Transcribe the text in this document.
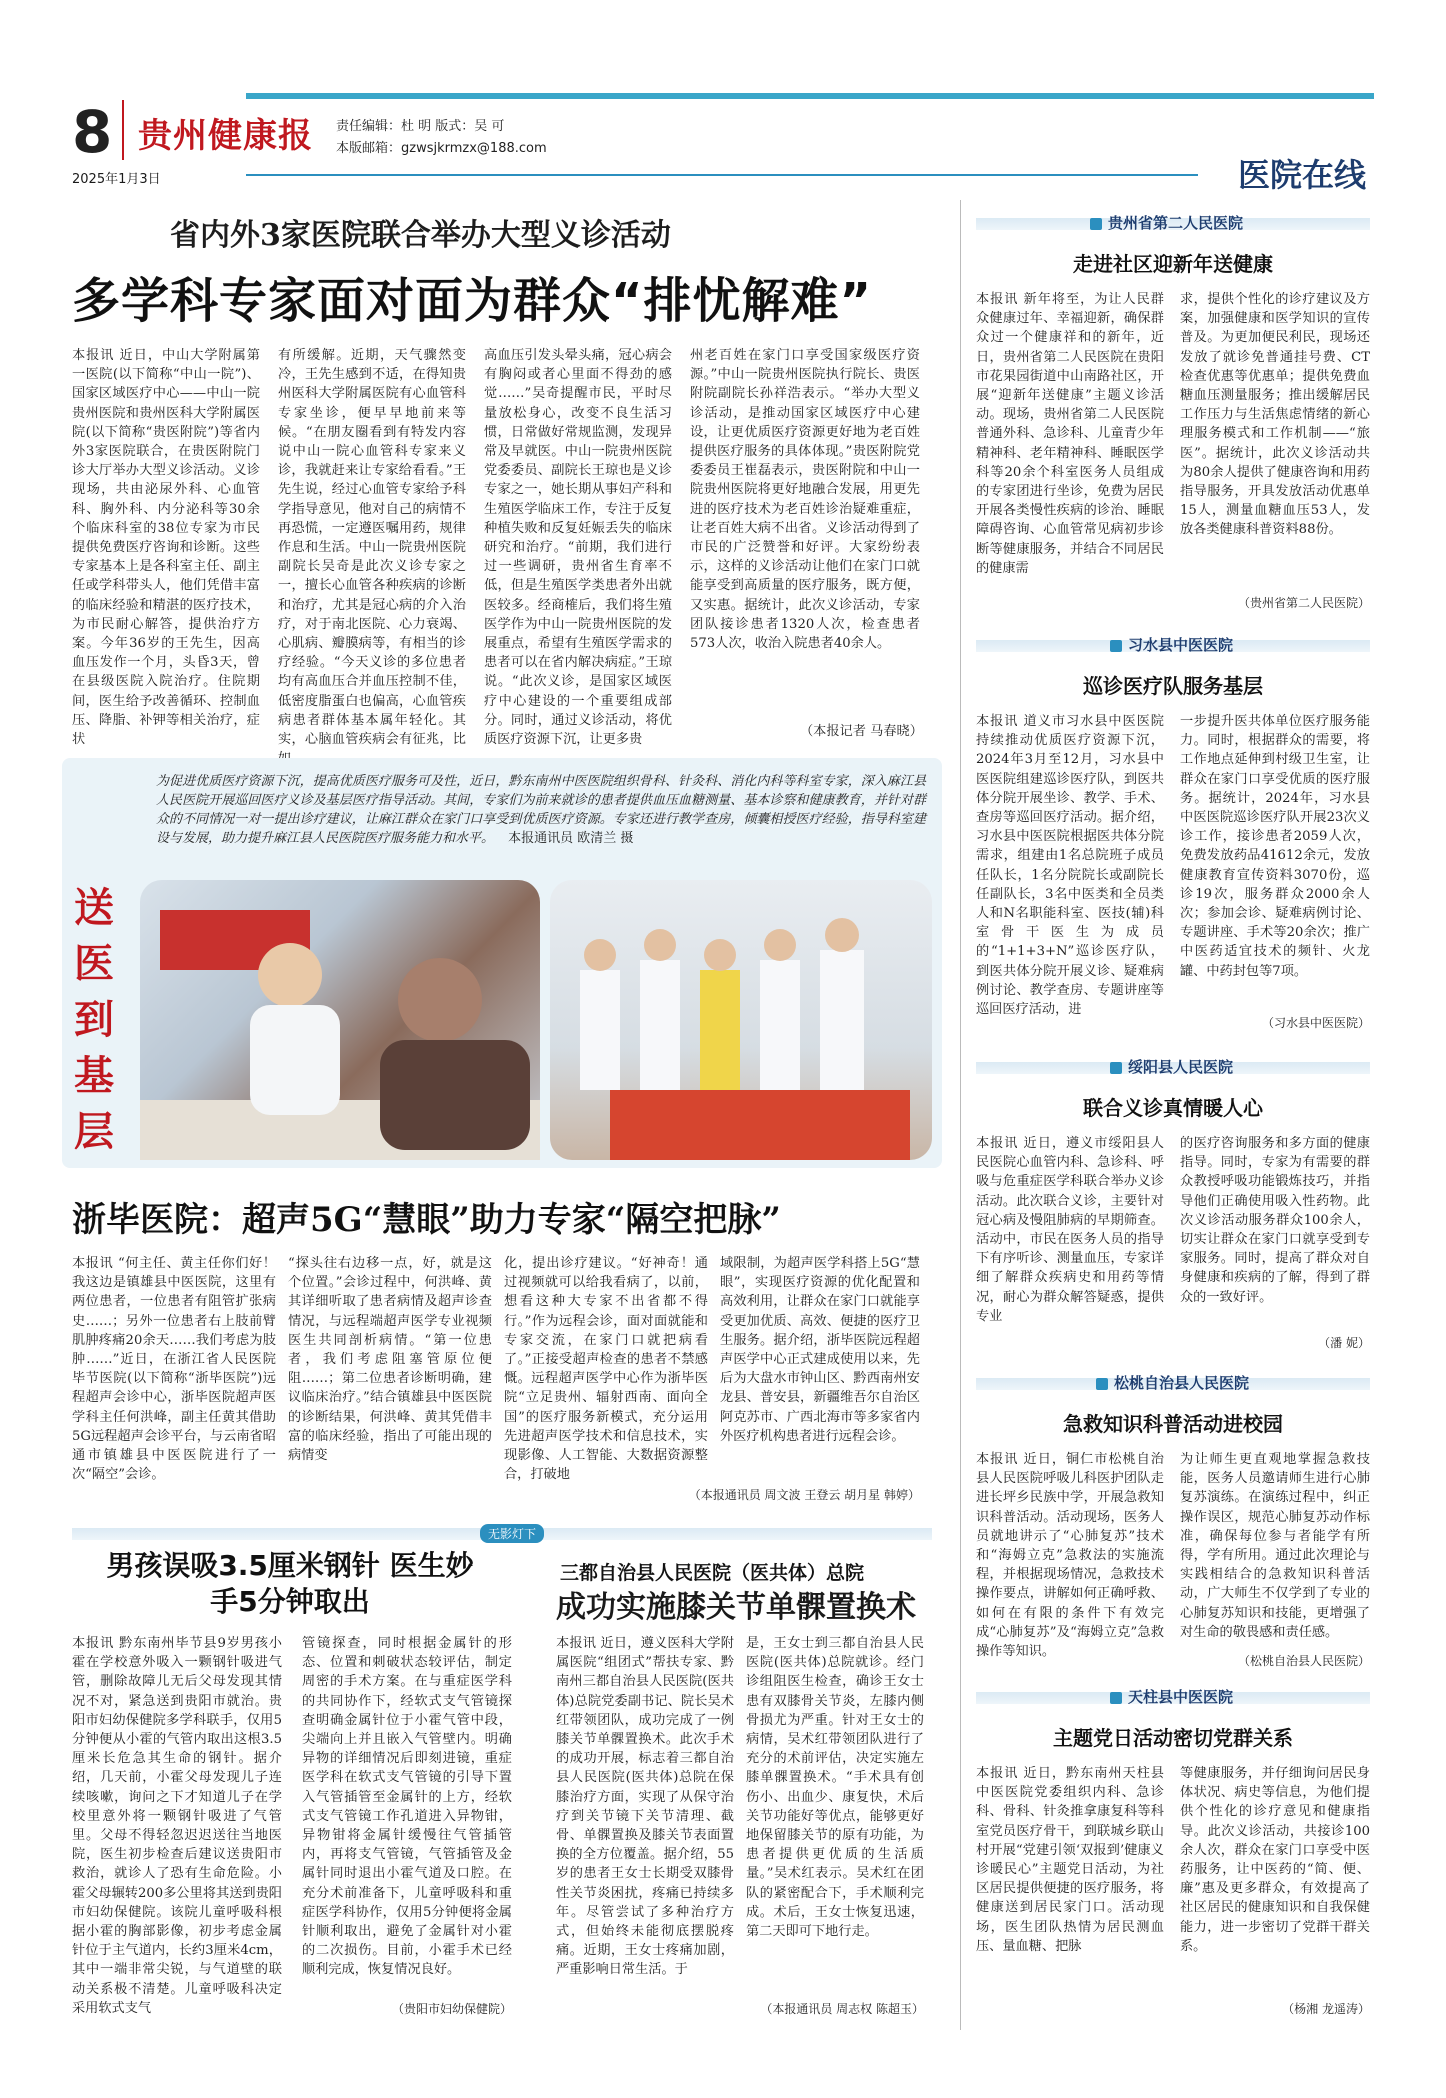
8 贵州健康报 责任编辑：杜 明 版式：吴 可
本版邮箱：gzwsjkrmzx@188.com
2025年1月3日	医院在线
省内外3家医院联合举办大型义诊活动
多学科专家面对面为群众“排忧解难”
本报讯 近日，中山大学附属第一医院(以下简称“中山一院”)、国家区域医疗中心——中山一院贵州医院和贵州医科大学附属医院(以下简称“贵医附院”)等省内外3家医院联合，在贵医附院门诊大厅举办大型义诊活动。义诊现场，共由泌尿外科、心血管科、胸外科、内分泌科等30余个临床科室的38位专家为市民提供免费医疗咨询和诊断。这些专家基本上是各科室主任、副主任或学科带头人，他们凭借丰富的临床经验和精湛的医疗技术，为市民耐心解答，提供治疗方案。今年36岁的王先生，因高血压发作一个月，头昏3天，曾在县级医院入院治疗。住院期间，医生给予改善循环、控制血压、降脂、补钾等相关治疗，症状
有所缓解。近期，天气骤然变冷，王先生感到不适，在得知贵州医科大学附属医院有心血管科专家坐诊，便早早地前来等候。“在朋友圈看到有特发内容说中山一院心血管科专家来义诊，我就赶来让专家给看看。”王先生说，经过心血管专家给予科学指导意见，他对自己的病情不再恐慌，一定遵医嘱用药，规律作息和生活。中山一院贵州医院副院长吴奇是此次义诊专家之一，擅长心血管各种疾病的诊断和治疗，尤其是冠心病的介入治疗，对于南北医院、心力衰竭、心肌病、瓣膜病等，有相当的诊疗经验。“今天义诊的多位患者均有高血压合并血压控制不佳，低密度脂蛋白也偏高，心血管疾病患者群体基本属年轻化。其实，心脑血管疾病会有征兆，比
高血压引发头晕头痛，冠心病会有胸闷或者心里面不得劲的感觉……”吴奇提醒市民，平时尽量放松身心，改变不良生活习惯，日常做好常规监测，发现异常及早就医。中山一院贵州医院党委委员、副院长王琼也是义诊专家之一，她长期从事妇产科和生殖医学临床工作，专注于反复种植失败和反复妊娠丢失的临床研究和治疗。“前期，我们进行过一些调研，贵州省生育率不低，但是生殖医学类患者外出就医较多。经商榷后，我们将生殖医学作为中山一院贵州医院的发展重点，希望有生殖医学需求的患者可以在省内解决病症。”王琼说。“此次义诊，是国家区域医疗中心建设的一个重要组成部分。同时，通过义诊活动，将优质医疗资源下沉，让更多贵
州老百姓在家门口享受国家级医疗资源。”中山一院贵州医院执行院长、贵医附院副院长孙祥浩表示。“举办大型义诊活动，是推动国家区域医疗中心建设，让更优质医疗资源更好地为老百姓提供医疗服务的具体体现。”贵医附院党委委员王崔磊表示，贵医附院和中山一院贵州医院将更好地融合发展，用更先进的医疗技术为老百姓诊治疑难重症，让老百姓大病不出省。义诊活动得到了市民的广泛赞誉和好评。大家纷纷表示，这样的义诊活动让他们在家门口就能享受到高质量的医疗服务，既方便，又实惠。据统计，此次义诊活动，专家团队接诊患者1320人次，检查患者573人次，收治入院患者40余人。
（本报记者 马春晓）
送医到基层
为促进优质医疗资源下沉，提高优质医疗服务可及性，近日，黔东南州中医医院组织骨科、针灸科、消化内科等科室专家，深入麻江县人民医院开展巡回医疗义诊及基层医疗指导活动。其间，专家们为前来就诊的患者提供血压血糖测量、基本诊察和健康教育，并针对群众的不同情况一对一提出诊疗建议，让麻江群众在家门口享受到优质医疗资源。专家还进行教学查房，倾囊相授医疗经验，指导科室建设与发展，助力提升麻江县人民医院医疗服务能力和水平。 本报通讯员 欧清兰 摄
浙毕医院：超声5G“慧眼”助力专家“隔空把脉”
本报讯 “何主任、黄主任你们好！我这边是镇雄县中医医院，这里有两位患者，一位患者有阻管扩张病史……；另外一位患者右上肢前臂肌肿疼痛20余天……我们考虑为肢肿……”近日，在浙江省人民医院毕节医院(以下简称“浙毕医院”)远程超声会诊中心，浙毕医院超声医学科主任何洪峰，副主任黄其借助5G远程超声会诊平台，与云南省昭通市镇雄县中医医院进行了一次“隔空”会诊。
“探头往右边移一点，好，就是这个位置。”会诊过程中，何洪峰、黄其详细听取了患者病情及超声诊查情况，与远程端超声医学专业视频医生共同剖析病情。“第一位患者，我们考虑阻塞管原位便阻……；第二位患者诊断明确，建议临床治疗。”结合镇雄县中医医院的诊断结果，何洪峰、黄其凭借丰富的临床经验，指出了可能出现的病情变
化，提出诊疗建议。“好神奇！通过视频就可以给我看病了，以前，想看这种大专家不出省都不得行。”作为远程会诊，面对面就能和专家交流，在家门口就把病看了。”正接受超声检查的患者不禁感慨。远程超声医学中心作为浙毕医院“立足贵州、辐射西南、面向全国”的医疗服务新模式，充分运用先进超声医学技术和信息技术，实现影像、人工智能、大数据资源整合，打破地
域限制，为超声医学科搭上5G“慧眼”，实现医疗资源的优化配置和高效利用，让群众在家门口就能享受更加优质、高效、便捷的医疗卫生服务。据介绍，浙毕医院远程超声医学中心正式建成使用以来，先后为大盘水市钟山区、黔西南州安龙县、普安县，新疆维吾尔自治区阿克苏市、广西北海市等多家省内外医疗机构患者进行远程会诊。
（本报通讯员 周文波 王登云 胡月星 韩婷）
无影灯下
男孩误吸3.5厘米钢针 医生妙手5分钟取出
本报讯 黔东南州毕节县9岁男孩小霍在学校意外吸入一颗钢针吸进气管，删除故障儿无后父母发现其情况不对，紧急送到贵阳市就治。贵阳市妇幼保健院多学科联手，仅用5分钟便从小霍的气管内取出这根3.5厘米长危急其生命的钢针。据介绍，几天前，小霍父母发现儿子连续咳嗽，询问之下才知道儿子在学校里意外将一颗钢针吸进了气管里。父母不得轻忽迟迟送往当地医院，医生初步检查后建议送贵阳市救治，就诊人了恐有生命危险。小霍父母辗转200多公里将其送到贵阳市妇幼保健院。该院儿童呼吸科根据小霍的胸部影像，初步考虑金属针位于主气道内，长约3厘米4cm，其中一端非常尖锐，与气道壁的联动关系极不清楚。儿童呼吸科决定采用软式支气
管镜探查，同时根据金属针的形态、位置和刺破状态较评估，制定周密的手术方案。在与重症医学科的共同协作下，经软式支气管镜探查明确金属针位于小霍气管中段，尖端向上并且嵌入气管壁内。明确异物的详细情况后即刻进镜，重症医学科在软式支气管镜的引导下置入气管插管至金属针的上方，经软式支气管镜工作孔道进入异物钳，异物钳将金属针缓慢往气管插管内，再将支气管镜，气管插管及金属针同时退出小霍气道及口腔。在充分术前准备下，儿童呼吸科和重症医学科协作，仅用5分钟便将金属针顺利取出，避免了金属针对小霍的二次损伤。目前，小霍手术已经顺利完成，恢复情况良好。
（贵阳市妇幼保健院）
三都自治县人民医院（医共体）总院
成功实施膝关节单髁置换术
本报讯 近日，遵义医科大学附属医院“组团式”帮扶专家、黔南州三都自治县人民医院(医共体)总院党委副书记、院长吴术红带领团队，成功完成了一例膝关节单髁置换术。此次手术的成功开展，标志着三都自治县人民医院(医共体)总院在保膝治疗方面，实现了从保守治疗到关节镜下关节清理、截骨、单髁置换及膝关节表面置换的全方位覆盖。据介绍，55岁的患者王女士长期受双膝骨性关节炎困扰，疼痛已持续多年。尽管尝试了多种治疗方式，但始终未能彻底摆脱疼痛。近期，王女士疼痛加剧，严重影响日常生活。于
是，王女士到三都自治县人民医院(医共体)总院就诊。经门诊组阻医生检查，确诊王女士患有双膝骨关节炎，左膝内侧骨损尤为严重。针对王女士的病情，吴术红带领团队进行了充分的术前评估，决定实施左膝单髁置换术。“手术具有创伤小、出血少、康复快，术后关节功能好等优点，能够更好地保留膝关节的原有功能，为患者提供更优质的生活质量。”吴术红表示。吴术红在团队的紧密配合下，手术顺利完成。术后，王女士恢复迅速，第二天即可下地行走。
（本报通讯员 周志权 陈超玉）
贵州省第二人民医院
走进社区迎新年送健康
本报讯 新年将至，为让人民群众健康过年、幸福迎新，确保群众过一个健康祥和的新年，近日，贵州省第二人民医院在贵阳市花果园街道中山南路社区，开展“迎新年送健康”主题义诊活动。现场，贵州省第二人民医院普通外科、急诊科、儿童青少年精神科、老年精神科、睡眠医学科等20余个科室医务人员组成的专家团进行坐诊，免费为居民开展各类慢性疾病的诊治、睡眠障碍咨询、心血管常见病初步诊断等健康服务，并结合不同居民的健康需
求，提供个性化的诊疗建议及方案，加强健康和医学知识的宣传普及。为更加便民利民，现场还发放了就诊免普通挂号费、CT检查优惠等优惠单；提供免费血糖血压测量服务；推出缓解居民工作压力与生活焦虑情绪的新心理服务模式和工作机制——“旅医”。据统计，此次义诊活动共为80余人提供了健康咨询和用药指导服务，开具发放活动优惠单15人，测量血糖血压53人，发放各类健康科普资料88份。
（贵州省第二人民医院）
习水县中医医院
巡诊医疗队服务基层
本报讯 道义市习水县中医医院持续推动优质医疗资源下沉，2024年3月至12月，习水县中医医院组建巡诊医疗队，到医共体分院开展坐诊、教学、手术、查房等巡回医疗活动。据介绍，习水县中医医院根据医共体分院需求，组建由1名总院班子成员任队长，1名分院院长或副院长任副队长，3名中医类和全员类人和N名职能科室、医技(辅)科室骨干医生为成员的“1+1+3+N”巡诊医疗队，到医共体分院开展义诊、疑难病例讨论、教学查房、专题讲座等巡回医疗活动，进
一步提升医共体单位医疗服务能力。同时，根据群众的需要，将工作地点延伸到村级卫生室，让群众在家门口享受优质的医疗服务。据统计，2024年，习水县中医医院巡诊医疗队开展23次义诊工作，接诊患者2059人次，免费发放药品41612余元，发放健康教育宣传资料3070份，巡诊19次，服务群众2000余人次；参加会诊、疑难病例讨论、专题讲座、手术等20余次；推广中医药适宜技术的频针、火龙罐、中药封包等7项。
（习水县中医医院）
绥阳县人民医院
联合义诊真情暖人心
本报讯 近日，遵义市绥阳县人民医院心血管内科、急诊科、呼吸与危重症医学科联合举办义诊活动。此次联合义诊，主要针对冠心病及慢阻肺病的早期筛查。活动中，市民在医务人员的指导下有序听诊、测量血压，专家详细了解群众疾病史和用药等情况，耐心为群众解答疑惑，提供专业
的医疗咨询服务和多方面的健康指导。同时，专家为有需要的群众教授呼吸功能锻炼技巧，并指导他们正确使用吸入性药物。此次义诊活动服务群众100余人，切实让群众在家门口就享受到专家服务。同时，提高了群众对自身健康和疾病的了解，得到了群众的一致好评。
（潘 妮）
松桃自治县人民医院
急救知识科普活动进校园
本报讯 近日，铜仁市松桃自治县人民医院呼吸儿科医护团队走进长坪乡民族中学，开展急救知识科普活动。活动现场，医务人员就地讲示了“心肺复苏”技术和“海姆立克”急救法的实施流程，并根据现场情况，急救技术操作要点，讲解如何正确呼救、如何在有限的条件下有效完成“心肺复苏”及“海姆立克”急救操作等知识。
为让师生更直观地掌握急救技能，医务人员邀请师生进行心肺复苏演练。在演练过程中，纠正操作误区，规范心肺复苏动作标准，确保每位参与者能学有所得，学有所用。通过此次理论与实践相结合的急救知识科普活动，广大师生不仅学到了专业的心肺复苏知识和技能，更增强了对生命的敬畏感和责任感。
（松桃自治县人民医院）
天柱县中医医院
主题党日活动密切党群关系
本报讯 近日，黔东南州天柱县中医医院党委组织内科、急诊科、骨科、针灸推拿康复科等科室党员医疗骨干，到联城乡联山村开展“党建引领‘双报到’健康义诊暖民心”主题党日活动，为社区居民提供便捷的医疗服务，将健康送到居民家门口。活动现场，医生团队热情为居民测血压、量血糖、把脉
等健康服务，并仔细询问居民身体状况、病史等信息，为他们提供个性化的诊疗意见和健康指导。此次义诊活动，共接诊100余人次，群众在家门口享受中医药服务，让中医药的“简、便、廉”惠及更多群众，有效提高了社区居民的健康知识和自我保健能力，进一步密切了党群干群关系。
（杨湘 龙遥涛）
